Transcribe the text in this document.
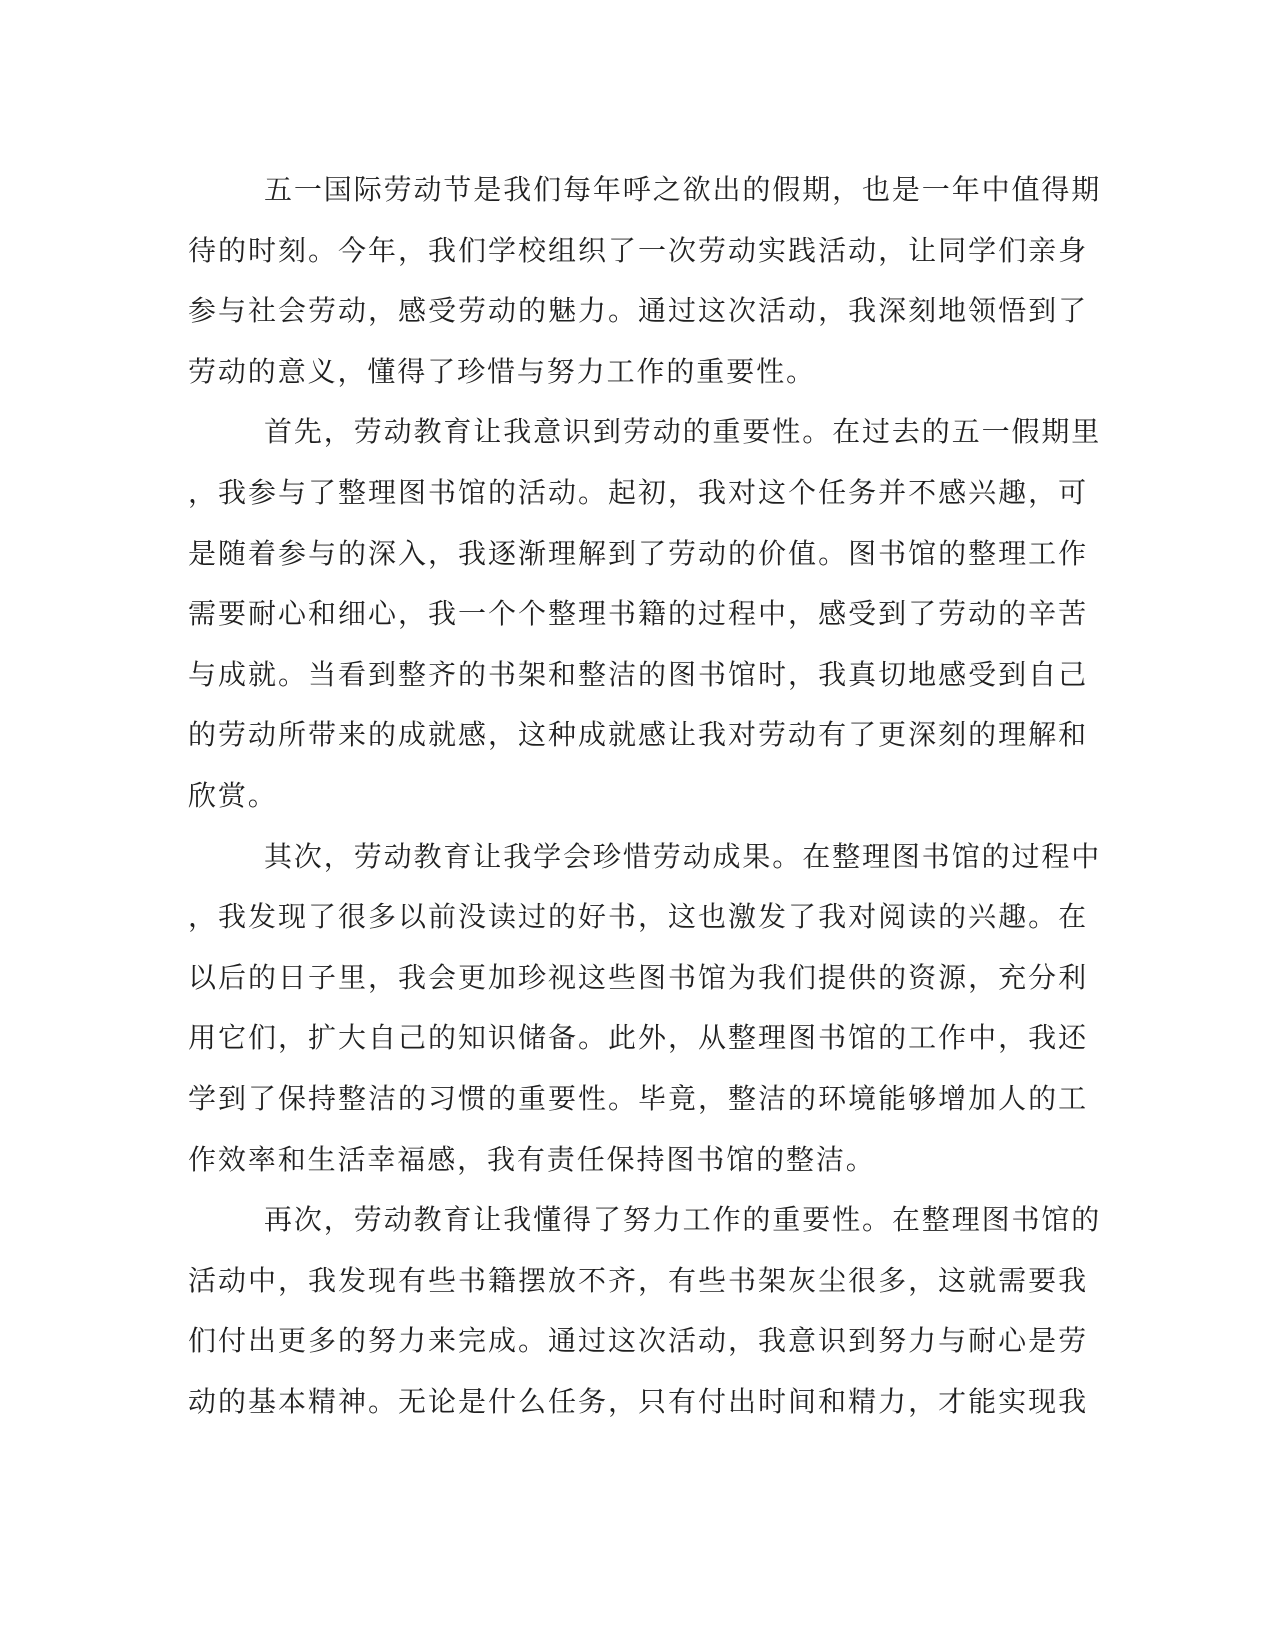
五一国际劳动节是我们每年呼之欲出的假期，也是一年中值得期
待的时刻。今年，我们学校组织了一次劳动实践活动，让同学们亲身
参与社会劳动，感受劳动的魅力。通过这次活动，我深刻地领悟到了
劳动的意义，懂得了珍惜与努力工作的重要性。
首先，劳动教育让我意识到劳动的重要性。在过去的五一假期里
，我参与了整理图书馆的活动。起初，我对这个任务并不感兴趣，可
是随着参与的深入，我逐渐理解到了劳动的价值。图书馆的整理工作
需要耐心和细心，我一个个整理书籍的过程中，感受到了劳动的辛苦
与成就。当看到整齐的书架和整洁的图书馆时，我真切地感受到自己
的劳动所带来的成就感，这种成就感让我对劳动有了更深刻的理解和
欣赏。
其次，劳动教育让我学会珍惜劳动成果。在整理图书馆的过程中
，我发现了很多以前没读过的好书，这也激发了我对阅读的兴趣。在
以后的日子里，我会更加珍视这些图书馆为我们提供的资源，充分利
用它们，扩大自己的知识储备。此外，从整理图书馆的工作中，我还
学到了保持整洁的习惯的重要性。毕竟，整洁的环境能够增加人的工
作效率和生活幸福感，我有责任保持图书馆的整洁。
再次，劳动教育让我懂得了努力工作的重要性。在整理图书馆的
活动中，我发现有些书籍摆放不齐，有些书架灰尘很多，这就需要我
们付出更多的努力来完成。通过这次活动，我意识到努力与耐心是劳
动的基本精神。无论是什么任务，只有付出时间和精力，才能实现我
